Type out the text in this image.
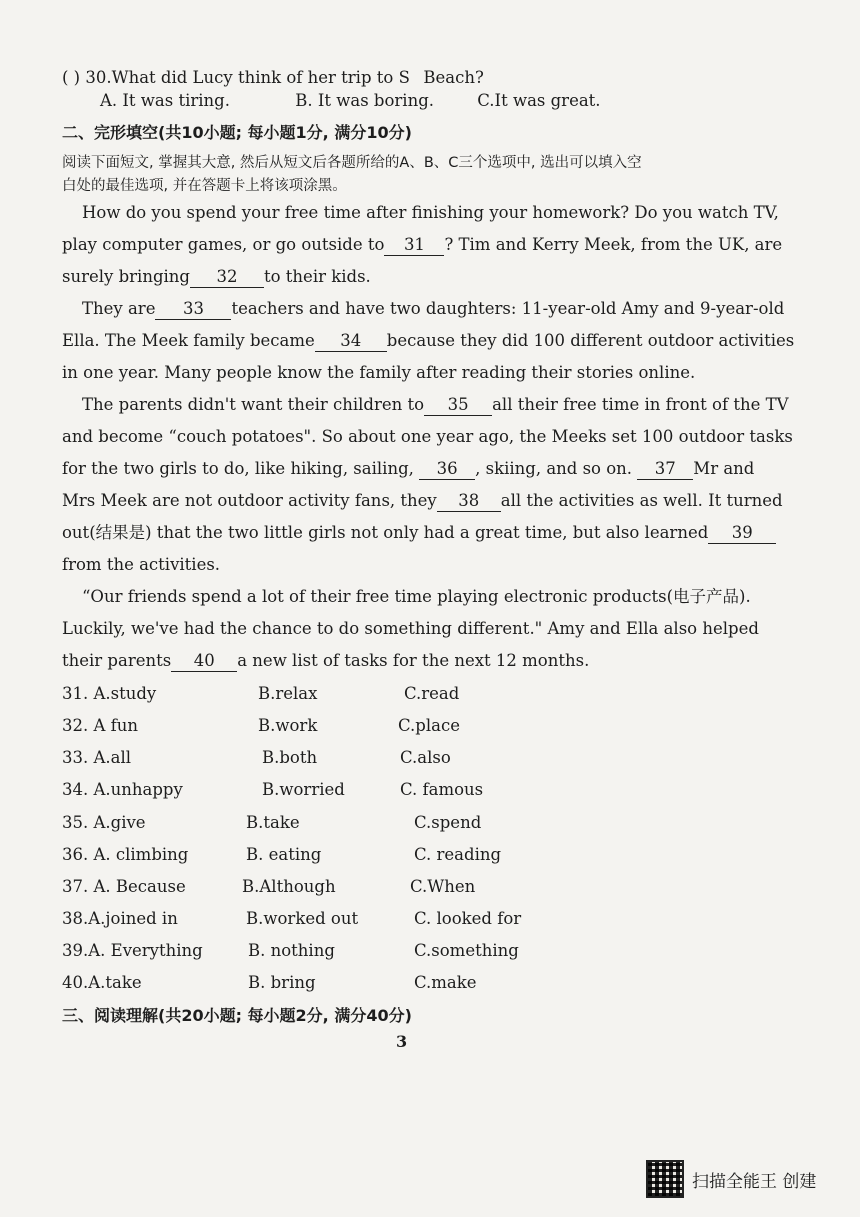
( ) 30.What did Lucy think of her trip to S  Beach?
A. It was tiring.	B. It was boring.	C.It was great.
二、完形填空(共10小题; 每小题1分, 满分10分)
阅读下面短文, 掌握其大意, 然后从短文后各题所给的A、B、C三个选项中, 选出可以填入空
白处的最佳选项, 并在答题卡上将该项涂黑。
How do you spend your free time after finishing your homework? Do you watch TV,
play computer games, or go outside to 31 ? Tim and Kerry Meek, from the UK, are
surely bringing 32 to their kids.
They are 33 teachers and have two daughters: 11-year-old Amy and 9-year-old
Ella. The Meek family became 34 because they did 100 different outdoor activities
in one year. Many people know the family after reading their stories online.
The parents didn't want their children to 35 all their free time in front of the TV
and become “couch potatoes". So about one year ago, the Meeks set 100 outdoor tasks
for the two girls to do, like hiking, sailing, 36 , skiing, and so on. 37 Mr and
Mrs Meek are not outdoor activity fans, they 38 all the activities as well. It turned
out(结果是) that the two little girls not only had a great time, but also learned 39
from the activities.
“Our friends spend a lot of their free time playing electronic products(电子产品).
Luckily, we've had the chance to do something different." Amy and Ella also helped
their parents 40 a new list of tasks for the next 12 months.
31. A.study	B.relax	C.read
32. A fun	B.work	C.place
33. A.all	B.both	C.also
34. A.unhappy	B.worried	C. famous
35. A.give	B.take	C.spend
36. A. climbing	B. eating	C. reading
37. A. Because	B.Although	C.When
38.A.joined in	B.worked out	C. looked for
39.A. Everything	B. nothing	C.something
40.A.take	B. bring	C.make
三、阅读理解(共20小题; 每小题2分, 满分40分)
3
扫描全能王 创建
